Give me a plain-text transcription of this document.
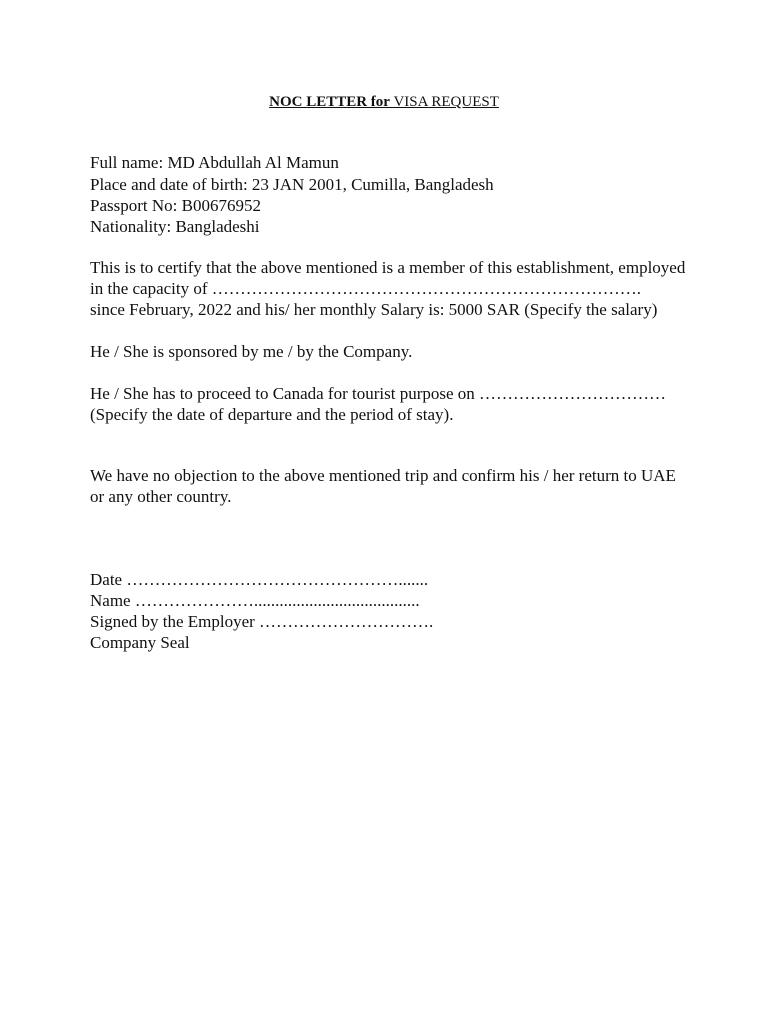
NOC LETTER for VISA REQUEST

Full name: MD Abdullah Al Mamun

Place and date of birth: 23 JAN 2001, Cumilla, Bangladesh

Passport No: B00676952

Nationality: Bangladeshi

This is to certify that the above mentioned is a member of this establishment, employed

in the capacity of ………………………………………………………………….

since February, 2022 and his/ her monthly Salary is: 5000 SAR (Specify the salary)

He / She is sponsored by me / by the Company.

He / She has to proceed to Canada for tourist purpose on ……………………………

(Specify the date of departure and the period of stay).

We have no objection to the above mentioned trip and confirm his / her return to UAE

or any other country.

Date ………………………………………….......

Name ………………….......................................

Signed by the Employer ………………………….

Company Seal
